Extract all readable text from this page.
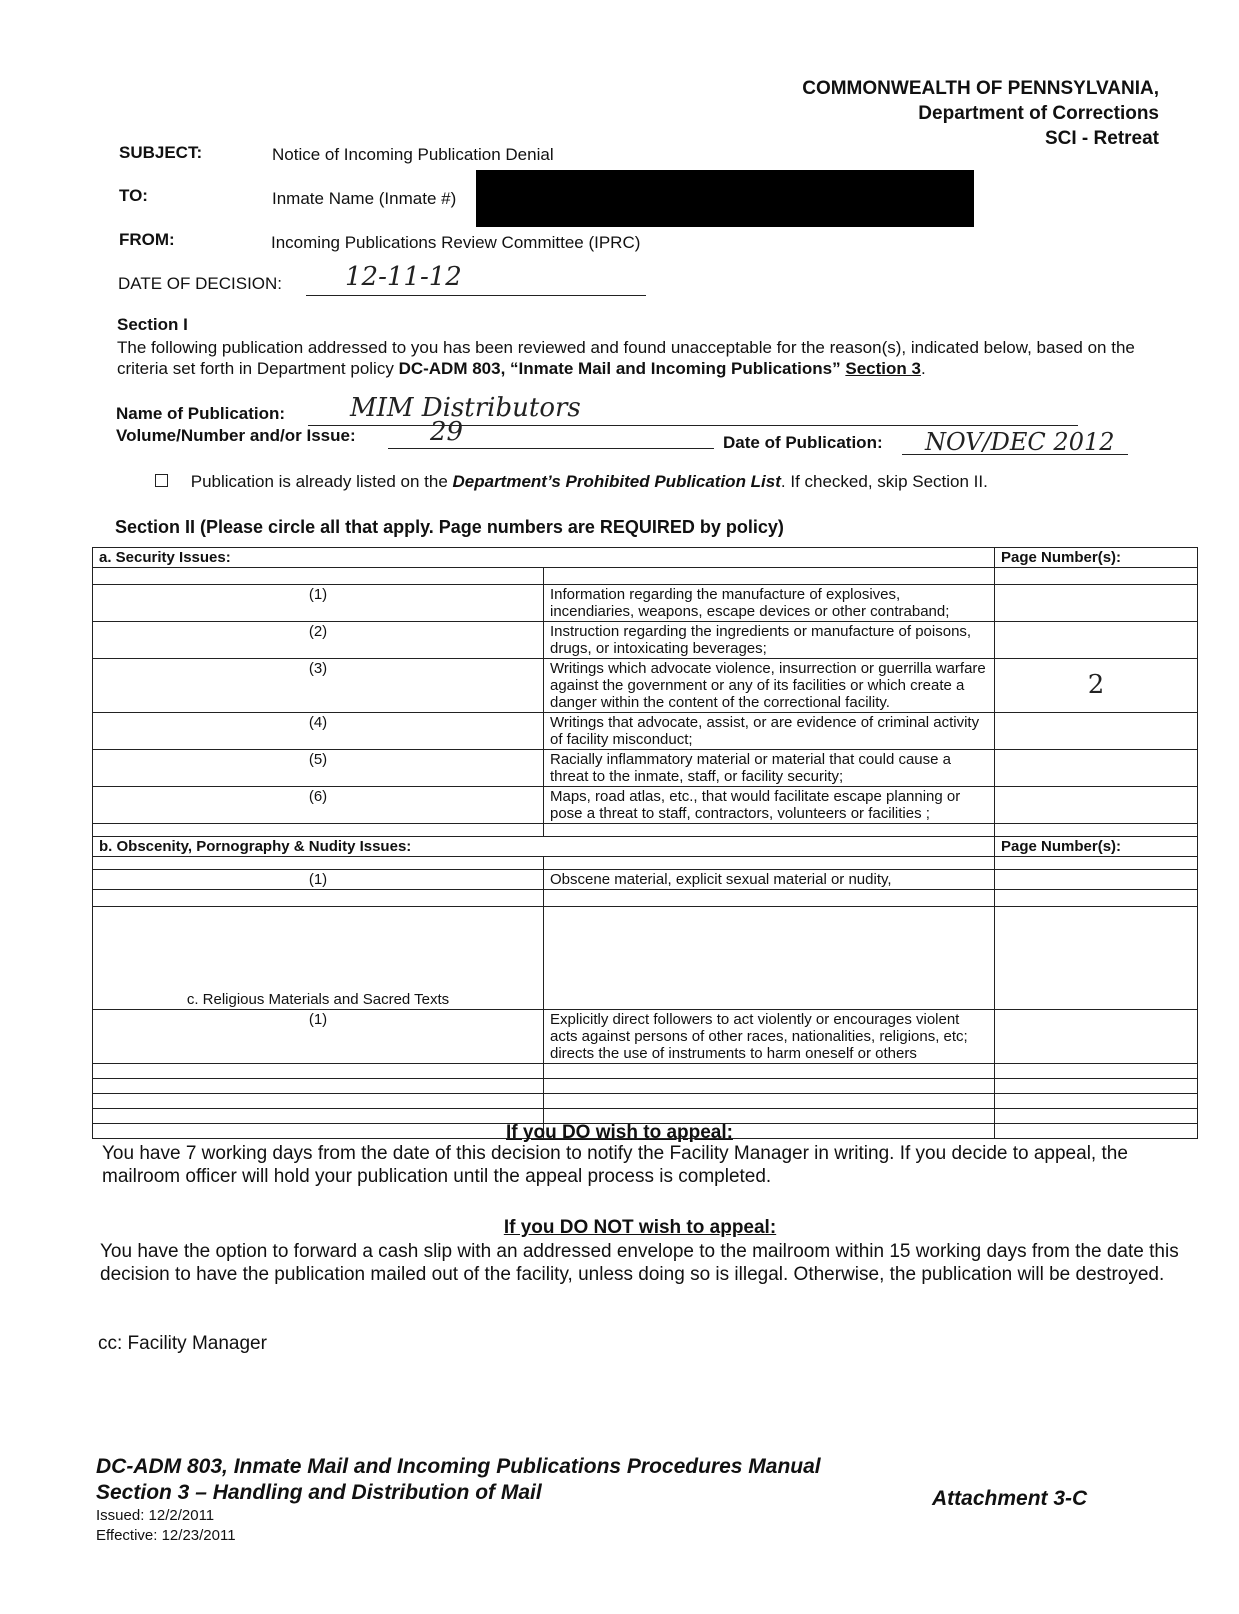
COMMONWEALTH OF PENNSYLVANIA,
Department of Corrections
SCI - Retreat
SUBJECT:	Notice of Incoming Publication Denial
TO:	Inmate Name (Inmate #)
FROM:	Incoming Publications Review Committee (IPRC)
DATE OF DECISION: 12-11-12
Section I
The following publication addressed to you has been reviewed and found unacceptable for the reason(s), indicated below, based on the criteria set forth in Department policy DC-ADM 803, “Inmate Mail and Incoming Publications” Section 3.
Name of Publication: MIM Distributors
Volume/Number and/or Issue:	29	Date of Publication: NOV/DEC 2012
Publication is already listed on the Department’s Prohibited Publication List. If checked, skip Section II.
Section II (Please circle all that apply. Page numbers are REQUIRED by policy)
a. Security Issues:		Page Number(s):

(1)	Information regarding the manufacture of explosives, incendiaries, weapons, escape devices or other contraband;	
(2)	Instruction regarding the ingredients or manufacture of poisons, drugs, or intoxicating beverages;	
(3)	Writings which advocate violence, insurrection or guerrilla warfare against the government or any of its facilities or which create a danger within the content of the correctional facility.	2
(4)	Writings that advocate, assist, or are evidence of criminal activity of facility misconduct;	
(5)	Racially inflammatory material or material that could cause a threat to the inmate, staff, or facility security;	
(6)	Maps, road atlas, etc., that would facilitate escape planning or pose a threat to staff, contractors, volunteers or facilities ;	

b. Obscenity, Pornography & Nudity Issues:		Page Number(s):

(1)	Obscene material, explicit sexual material or nudity,	

c. Religious Materials and Sacred Texts		
(1)	Explicitly direct followers to act violently or encourages violent acts against persons of other races, nationalities, religions, etc; directs the use of instruments to harm oneself or others	

If you DO wish to appeal:
You have 7 working days from the date of this decision to notify the Facility Manager in writing. If you decide to appeal, the mailroom officer will hold your publication until the appeal process is completed.
If you DO NOT wish to appeal:
You have the option to forward a cash slip with an addressed envelope to the mailroom within 15 working days from the date this decision to have the publication mailed out of the facility, unless doing so is illegal. Otherwise, the publication will be destroyed.
cc: Facility Manager
DC-ADM 803, Inmate Mail and Incoming Publications Procedures Manual
Section 3 – Handling and Distribution of Mail
Issued: 12/2/2011
Effective: 12/23/2011
Attachment 3-C
